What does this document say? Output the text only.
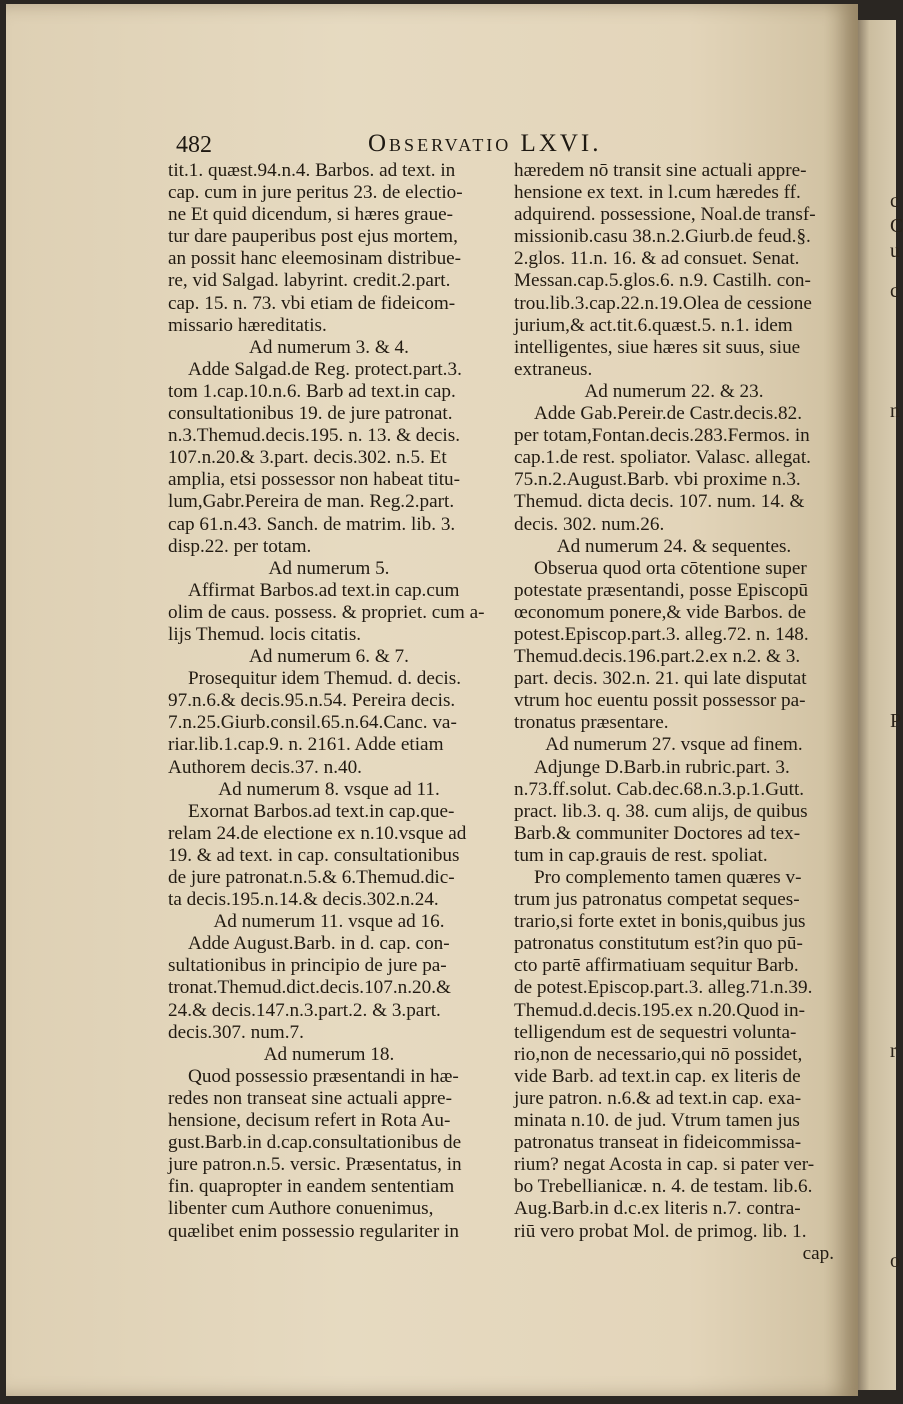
482	Observatio LXVI.
tit.1. quæst.94.n.4. Barbos. ad text. in
cap. cum in jure peritus 23. de electio-
ne Et quid dicendum, si hæres graue-
tur dare pauperibus post ejus mortem,
an possit hanc eleemosinam distribue-
re, vid Salgad. labyrint. credit.2.part.
cap. 15. n. 73. vbi etiam de fideicom-
missario hæreditatis.
Ad numerum 3. & 4.
Adde Salgad.de Reg. protect.part.3.
tom 1.cap.10.n.6. Barb ad text.in cap.
consultationibus 19. de jure patronat.
n.3.Themud.decis.195. n. 13. & decis.
107.n.20.& 3.part. decis.302. n.5. Et
amplia, etsi possessor non habeat titu-
lum,Gabr.Pereira de man. Reg.2.part.
cap 61.n.43. Sanch. de matrim. lib. 3.
disp.22. per totam.
Ad numerum 5.
Affirmat Barbos.ad text.in cap.cum
olim de caus. possess. & propriet. cum a-
lijs Themud. locis citatis.
Ad numerum 6. & 7.
Prosequitur idem Themud. d. decis.
97.n.6.& decis.95.n.54. Pereira decis.
7.n.25.Giurb.consil.65.n.64.Canc. va-
riar.lib.1.cap.9. n. 2161. Adde etiam
Authorem decis.37. n.40.
Ad numerum 8. vsque ad 11.
Exornat Barbos.ad text.in cap.que-
relam 24.de electione ex n.10.vsque ad
19. & ad text. in cap. consultationibus
de jure patronat.n.5.& 6.Themud.dic-
ta decis.195.n.14.& decis.302.n.24.
Ad numerum 11. vsque ad 16.
Adde August.Barb. in d. cap. con-
sultationibus in principio de jure pa-
tronat.Themud.dict.decis.107.n.20.&
24.& decis.147.n.3.part.2. & 3.part.
decis.307. num.7.
Ad numerum 18.
Quod possessio præsentandi in hæ-
redes non transeat sine actuali appre-
hensione, decisum refert in Rota Au-
gust.Barb.in d.cap.consultationibus de
jure patron.n.5. versic. Præsentatus, in
fin. quapropter in eandem sententiam
libenter cum Authore conuenimus,
quælibet enim possessio regulariter in
hæredem nō transit sine actuali appre-
hensione ex text. in l.cum hæredes ff.
adquirend. possessione, Noal.de transf-
missionib.casu 38.n.2.Giurb.de feud.§.
2.glos. 11.n. 16. & ad consuet. Senat.
Messan.cap.5.glos.6. n.9. Castilh. con-
trou.lib.3.cap.22.n.19.Olea de cessione
jurium,& act.tit.6.quæst.5. n.1. idem
intelligentes, siue hæres sit suus, siue
extraneus.
Ad numerum 22. & 23.
Adde Gab.Pereir.de Castr.decis.82.
per totam,Fontan.decis.283.Fermos. in
cap.1.de rest. spoliator. Valasc. allegat.
75.n.2.August.Barb. vbi proxime n.3.
Themud. dicta decis. 107. num. 14. &
decis. 302. num.26.
Ad numerum 24. & sequentes.
Obserua quod orta cōtentione super
potestate præsentandi, posse Episcopū
œconomum ponere,& vide Barbos. de
potest.Episcop.part.3. alleg.72. n. 148.
Themud.decis.196.part.2.ex n.2. & 3.
part. decis. 302.n. 21. qui late disputat
vtrum hoc euentu possit possessor pa-
tronatus præsentare.
Ad numerum 27. vsque ad finem.
Adjunge D.Barb.in rubric.part. 3.
n.73.ff.solut. Cab.dec.68.n.3.p.1.Gutt.
pract. lib.3. q. 38. cum alijs, de quibus
Barb.& communiter Doctores ad tex-
tum in cap.grauis de rest. spoliat.
Pro complemento tamen quæres v-
trum jus patronatus competat seques-
trario,si forte extet in bonis,quibus jus
patronatus constitutum est?in quo pū-
cto partē affirmatiuam sequitur Barb.
de potest.Episcop.part.3. alleg.71.n.39.
Themud.d.decis.195.ex n.20.Quod in-
telligendum est de sequestri volunta-
rio,non de necessario,qui nō possidet,
vide Barb. ad text.in cap. ex literis de
jure patron. n.6.& ad text.in cap. exa-
minata n.10. de jud. Vtrum tamen jus
patronatus transeat in fideicommissa-
rium? negat Acosta in cap. si pater ver-
bo Trebellianicæ. n. 4. de testam. lib.6.
Aug.Barb.in d.c.ex literis n.7. contra-
riū vero probat Mol. de primog. lib. 1.
cap.
c
C
u
c
n
P
r
o
